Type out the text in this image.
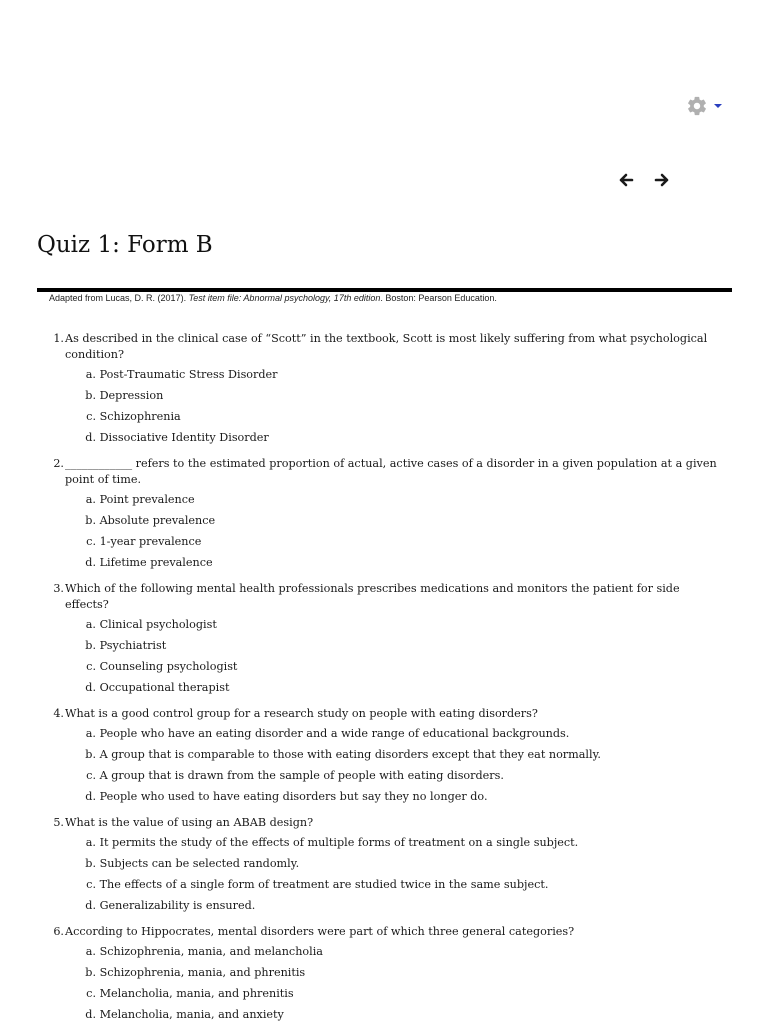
Quiz 1: Form B
Adapted from Lucas, D. R. (2017). Test item file: Abnormal psychology, 17th edition. Boston: Pearson Education.
1. As described in the clinical case of “Scott” in the textbook, Scott is most likely suffering from what psychological condition?
a.
Post-Traumatic Stress Disorder
b.
Depression
c.
Schizophrenia
d.
Dissociative Identity Disorder
2. ____________ refers to the estimated proportion of actual, active cases of a disorder in a given population at a given point of time.
a.
Point prevalence
b.
Absolute prevalence
c.
1-year prevalence
d.
Lifetime prevalence
3. Which of the following mental health professionals prescribes medications and monitors the patient for side effects?
a.
Clinical psychologist
b.
Psychiatrist
c.
Counseling psychologist
d.
Occupational therapist
4. What is a good control group for a research study on people with eating disorders?
a.
People who have an eating disorder and a wide range of educational backgrounds.
b.
A group that is comparable to those with eating disorders except that they eat normally.
c.
A group that is drawn from the sample of people with eating disorders.
d.
People who used to have eating disorders but say they no longer do.
5. What is the value of using an ABAB design?
a.
It permits the study of the effects of multiple forms of treatment on a single subject.
b.
Subjects can be selected randomly.
c.
The effects of a single form of treatment are studied twice in the same subject.
d.
Generalizability is ensured.
6. According to Hippocrates, mental disorders were part of which three general categories?
a.
Schizophrenia, mania, and melancholia
b.
Schizophrenia, mania, and phrenitis
c.
Melancholia, mania, and phrenitis
d.
Melancholia, mania, and anxiety
